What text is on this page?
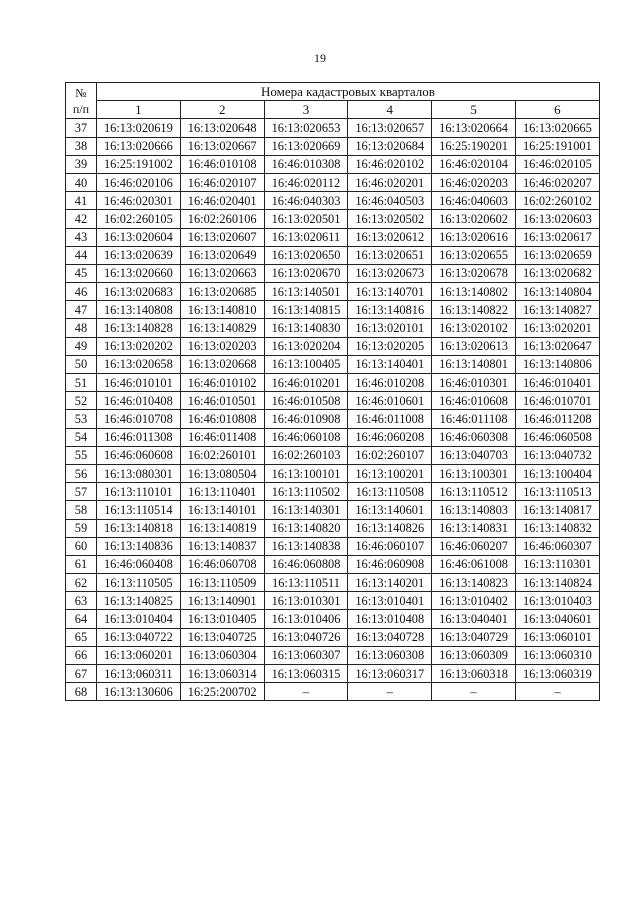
19
№
п/п	Номера кадастровых кварталов					
	1	2	3	4	5	6
37	16:13:020619	16:13:020648	16:13:020653	16:13:020657	16:13:020664	16:13:020665
38	16:13:020666	16:13:020667	16:13:020669	16:13:020684	16:25:190201	16:25:191001
39	16:25:191002	16:46:010108	16:46:010308	16:46:020102	16:46:020104	16:46:020105
40	16:46:020106	16:46:020107	16:46:020112	16:46:020201	16:46:020203	16:46:020207
41	16:46:020301	16:46:020401	16:46:040303	16:46:040503	16:46:040603	16:02:260102
42	16:02:260105	16:02:260106	16:13:020501	16:13:020502	16:13:020602	16:13:020603
43	16:13:020604	16:13:020607	16:13:020611	16:13:020612	16:13:020616	16:13:020617
44	16:13:020639	16:13:020649	16:13:020650	16:13:020651	16:13:020655	16:13:020659
45	16:13:020660	16:13:020663	16:13:020670	16:13:020673	16:13:020678	16:13:020682
46	16:13:020683	16:13:020685	16:13:140501	16:13:140701	16:13:140802	16:13:140804
47	16:13:140808	16:13:140810	16:13:140815	16:13:140816	16:13:140822	16:13:140827
48	16:13:140828	16:13:140829	16:13:140830	16:13:020101	16:13:020102	16:13:020201
49	16:13:020202	16:13:020203	16:13:020204	16:13:020205	16:13:020613	16:13:020647
50	16:13:020658	16:13:020668	16:13:100405	16:13:140401	16:13:140801	16:13:140806
51	16:46:010101	16:46:010102	16:46:010201	16:46:010208	16:46:010301	16:46:010401
52	16:46:010408	16:46:010501	16:46:010508	16:46:010601	16:46:010608	16:46:010701
53	16:46:010708	16:46:010808	16:46:010908	16:46:011008	16:46:011108	16:46:011208
54	16:46:011308	16:46:011408	16:46:060108	16:46:060208	16:46:060308	16:46:060508
55	16:46:060608	16:02:260101	16:02:260103	16:02:260107	16:13:040703	16:13:040732
56	16:13:080301	16:13:080504	16:13:100101	16:13:100201	16:13:100301	16:13:100404
57	16:13:110101	16:13:110401	16:13:110502	16:13:110508	16:13:110512	16:13:110513
58	16:13:110514	16:13:140101	16:13:140301	16:13:140601	16:13:140803	16:13:140817
59	16:13:140818	16:13:140819	16:13:140820	16:13:140826	16:13:140831	16:13:140832
60	16:13:140836	16:13:140837	16:13:140838	16:46:060107	16:46:060207	16:46:060307
61	16:46:060408	16:46:060708	16:46:060808	16:46:060908	16:46:061008	16:13:110301
62	16:13:110505	16:13:110509	16:13:110511	16:13:140201	16:13:140823	16:13:140824
63	16:13:140825	16:13:140901	16:13:010301	16:13:010401	16:13:010402	16:13:010403
64	16:13:010404	16:13:010405	16:13:010406	16:13:010408	16:13:040401	16:13:040601
65	16:13:040722	16:13:040725	16:13:040726	16:13:040728	16:13:040729	16:13:060101
66	16:13:060201	16:13:060304	16:13:060307	16:13:060308	16:13:060309	16:13:060310
67	16:13:060311	16:13:060314	16:13:060315	16:13:060317	16:13:060318	16:13:060319
68	16:13:130606	16:25:200702	–	–	–	–
